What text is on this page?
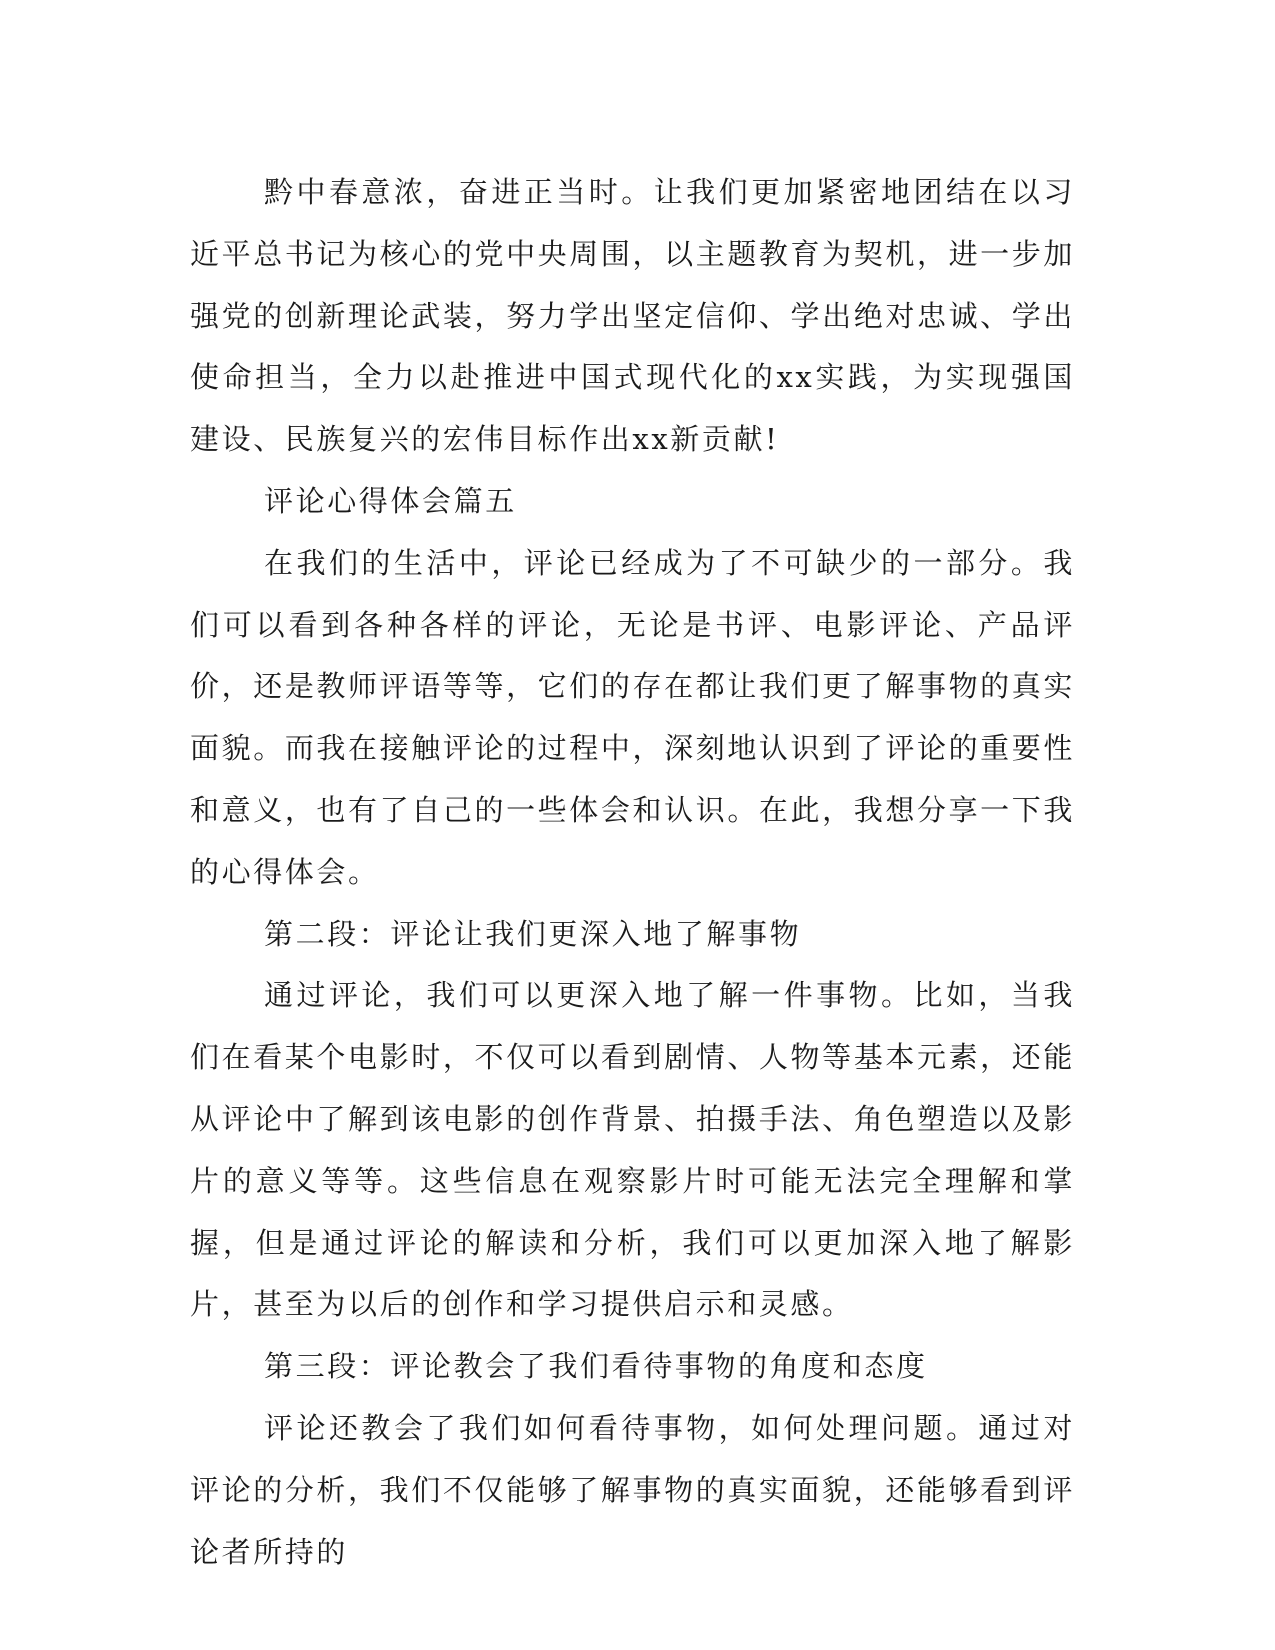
黔中春意浓，奋进正当时。让我们更加紧密地团结在以习近平总书记为核心的党中央周围，以主题教育为契机，进一步加强党的创新理论武装，努力学出坚定信仰、学出绝对忠诚、学出使命担当，全力以赴推进中国式现代化的xx实践，为实现强国建设、民族复兴的宏伟目标作出xx新贡献!

评论心得体会篇五

在我们的生活中，评论已经成为了不可缺少的一部分。我们可以看到各种各样的评论，无论是书评、电影评论、产品评价，还是教师评语等等，它们的存在都让我们更了解事物的真实面貌。而我在接触评论的过程中，深刻地认识到了评论的重要性和意义，也有了自己的一些体会和认识。在此，我想分享一下我的心得体会。

第二段：评论让我们更深入地了解事物

通过评论，我们可以更深入地了解一件事物。比如，当我们在看某个电影时，不仅可以看到剧情、人物等基本元素，还能从评论中了解到该电影的创作背景、拍摄手法、角色塑造以及影片的意义等等。这些信息在观察影片时可能无法完全理解和掌握，但是通过评论的解读和分析，我们可以更加深入地了解影片，甚至为以后的创作和学习提供启示和灵感。

第三段：评论教会了我们看待事物的角度和态度

评论还教会了我们如何看待事物，如何处理问题。通过对评论的分析，我们不仅能够了解事物的真实面貌，还能够看到评论者所持的
